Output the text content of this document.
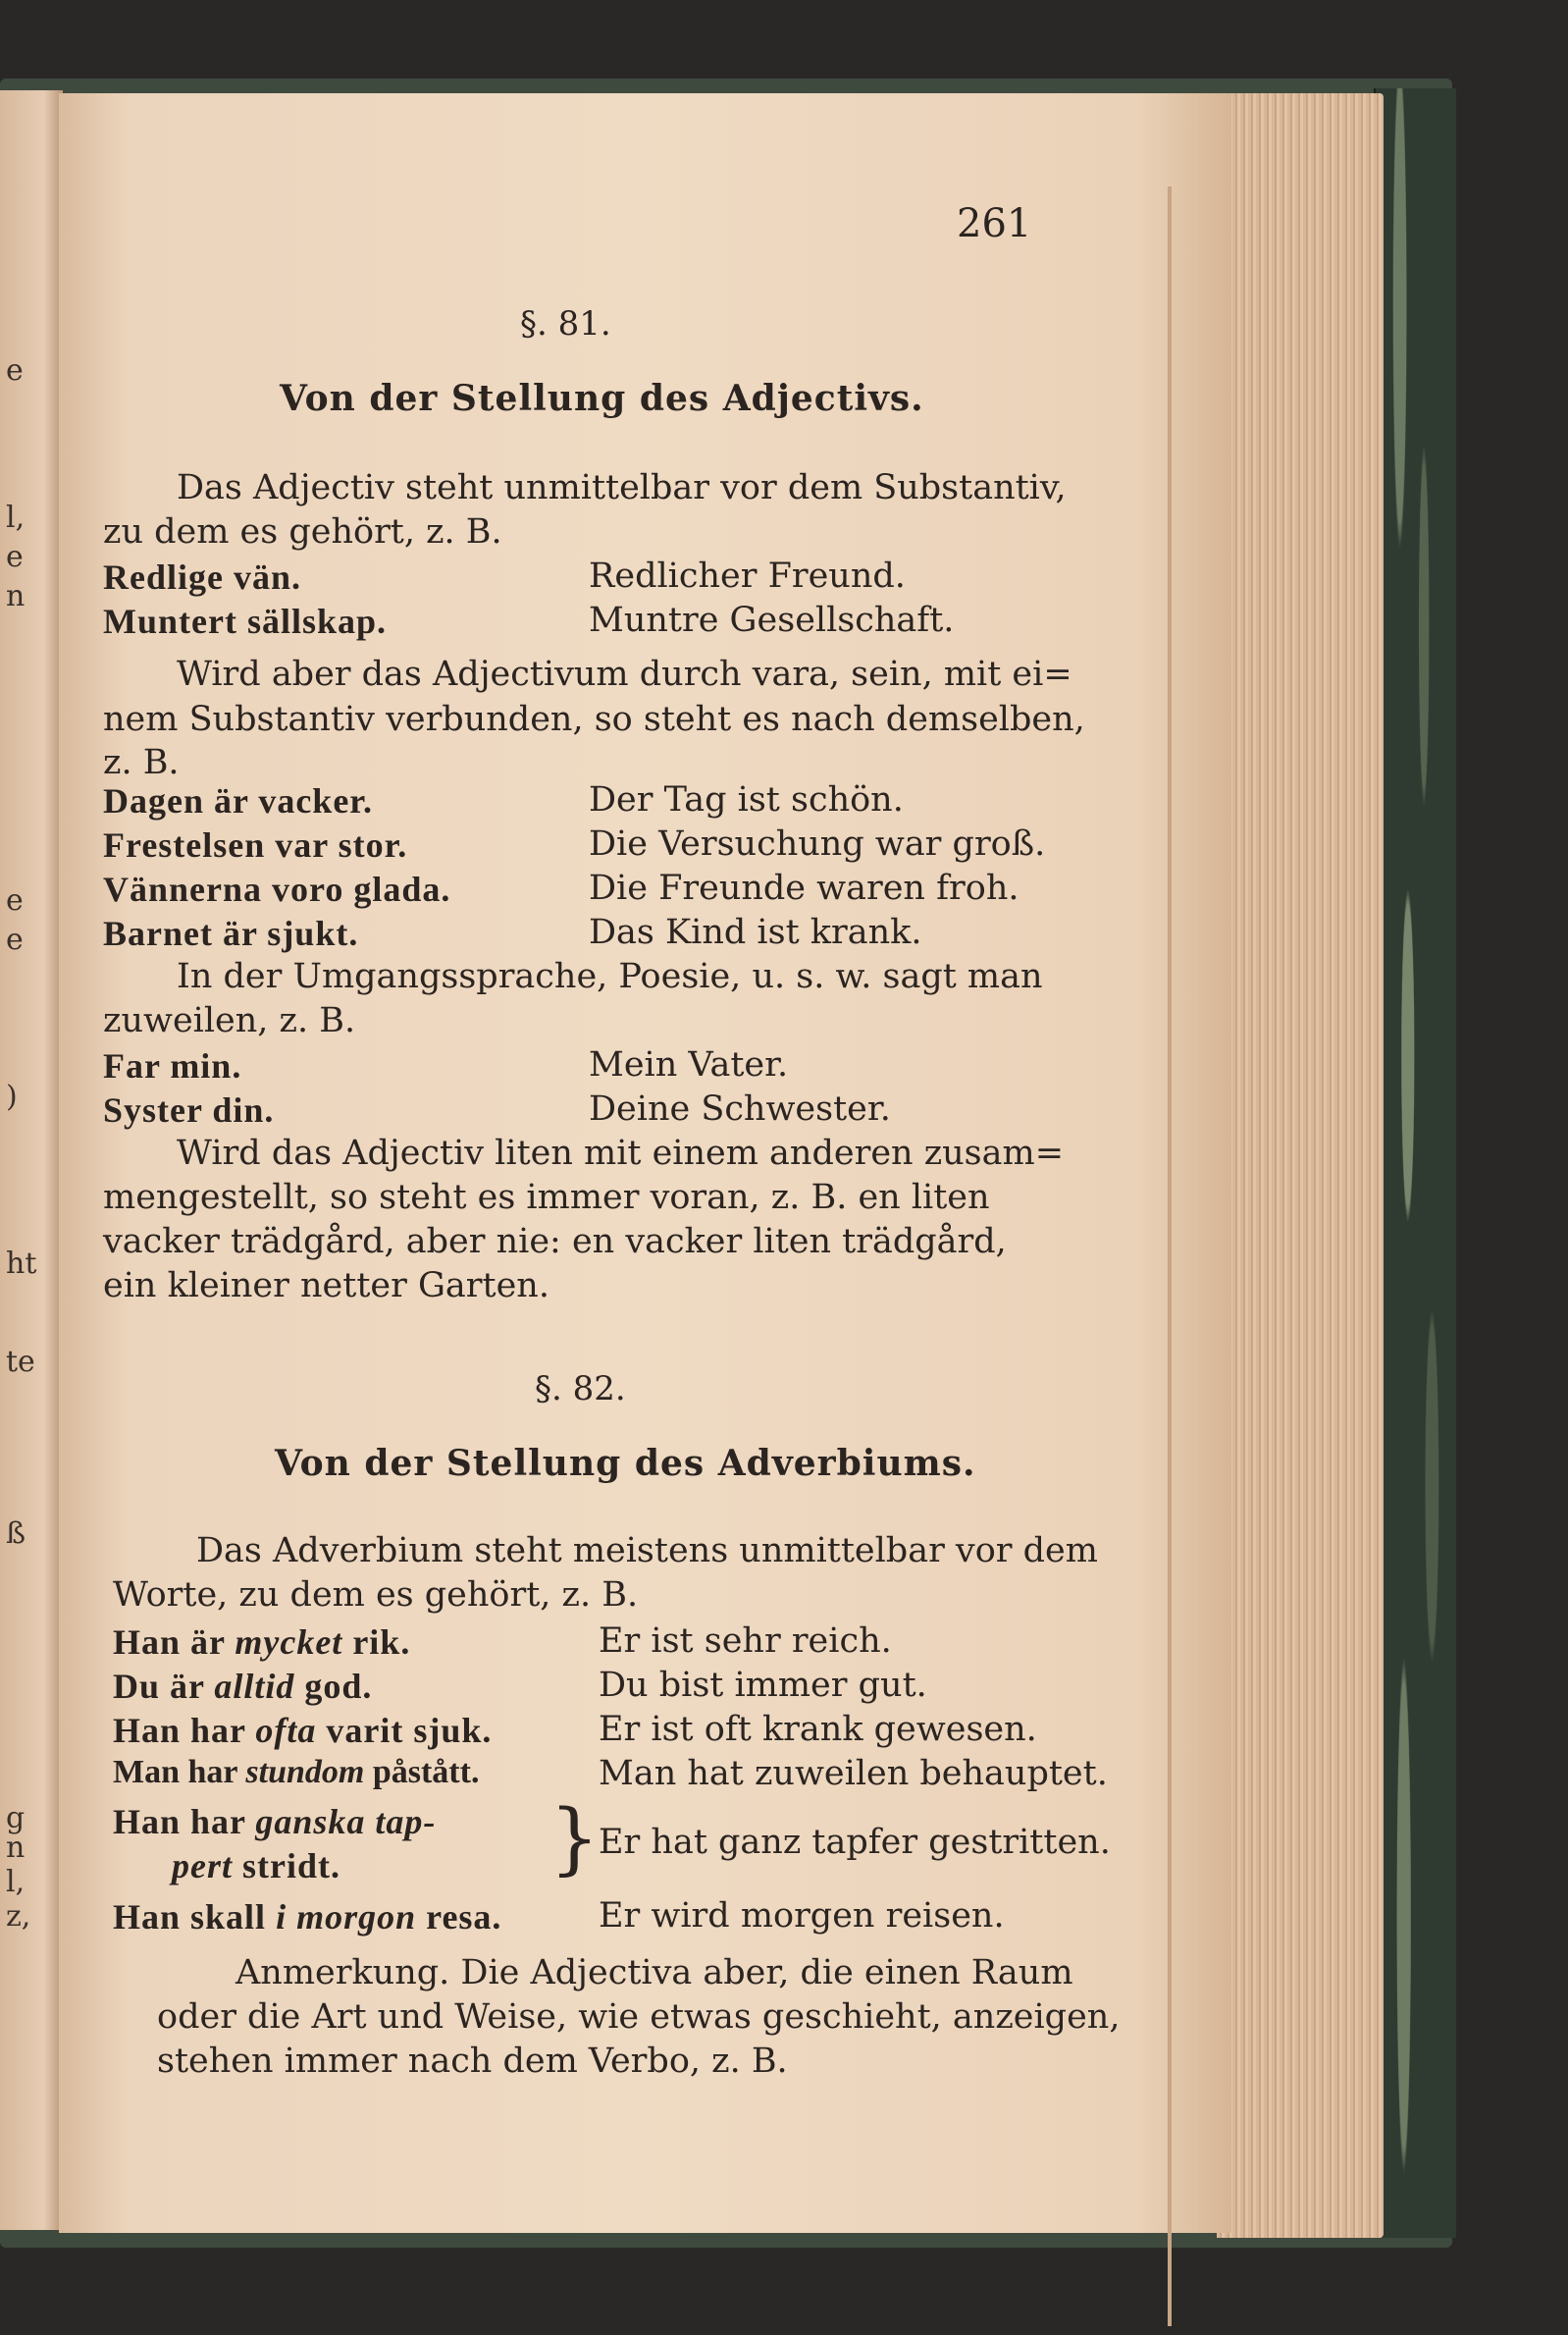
e
l,
e
n
e
e
)
ht
te
ß
g
n
l,
z,
261
§. 81.
Von der Stellung des Adjectivs.
Das Adjectiv steht unmittelbar vor dem Substantiv,
zu dem es gehört, z. B.
Redlige vän.	Redlicher Freund.
Muntert sällskap.	Muntre Gesellschaft.
Wird aber das Adjectivum durch vara, sein, mit ei=
nem Substantiv verbunden, so steht es nach demselben,
z. B.
Dagen är vacker.	Der Tag ist schön.
Frestelsen var stor.	Die Versuchung war groß.
Vännerna voro glada.	Die Freunde waren froh.
Barnet är sjukt.	Das Kind ist krank.
In der Umgangssprache, Poesie, u. s. w. sagt man
zuweilen, z. B.
Far min.	Mein Vater.
Syster din.	Deine Schwester.
Wird das Adjectiv liten mit einem anderen zusam=
mengestellt, so steht es immer voran, z. B. en liten
vacker trädgård, aber nie: en vacker liten trädgård,
ein kleiner netter Garten.
§. 82.
Von der Stellung des Adverbiums.
Das Adverbium steht meistens unmittelbar vor dem
Worte, zu dem es gehört, z. B.
Han är mycket rik.	Er ist sehr reich.
Du är alltid god.	Du bist immer gut.
Han har ofta varit sjuk.	Er ist oft krank gewesen.
Man har stundom påstått.	Man hat zuweilen behauptet.
Han har ganska tap-
pert stridt.	} Er hat ganz tapfer gestritten.
Han skall i morgon resa.	Er wird morgen reisen.
Anmerkung. Die Adjectiva aber, die einen Raum
oder die Art und Weise, wie etwas geschieht, anzeigen,
stehen immer nach dem Verbo, z. B.
